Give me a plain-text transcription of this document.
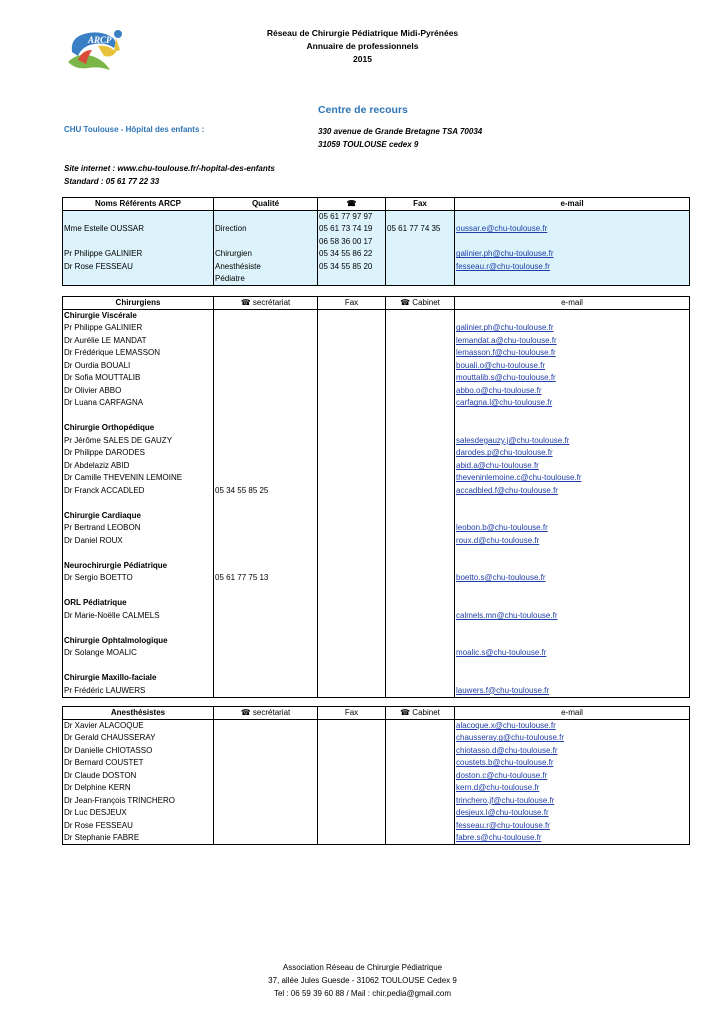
Réseau de Chirurgie Pédiatrique Midi-Pyrénées
Annuaire de professionnels
2015
ARCP
Centre de recours
CHU Toulouse - Hôpital des enfants :	330 avenue de Grande Bretagne TSA 70034
31059 TOULOUSE cedex 9
Site internet : www.chu-toulouse.fr/-hopital-des-enfants
Standard : 05 61 77 22 33
Noms Référents ARCP	Qualité	☎	Fax	e-mail
		05 61 77 97 97		
Mme Estelle OUSSAR	Direction	05 61 73 74 19	05 61 77 74 35	oussar.e@chu-toulouse.fr
		06 58 36 00 17		
Pr Philippe GALINIER	Chirurgien	05 34 55 86 22		galinier.ph@chu-toulouse.fr
Dr Rose FESSEAU	Anesthésiste	05 34 55 85 20		fesseau.r@chu-toulouse.fr
	Pédiatre			
Chirurgiens	☎ secrétariat	Fax	☎ Cabinet	e-mail
Chirurgie Viscérale				
Pr Philippe GALINIER				galinier.ph@chu-toulouse.fr
Dr Aurélie LE MANDAT				lemandat.a@chu-toulouse.fr
Dr Frédérique LEMASSON				lemasson.f@chu-toulouse.fr
Dr Ourdia BOUALI				bouali.o@chu-toulouse.fr
Dr Sofia MOUTTALIB				mouttalib.s@chu-toulouse.fr
Dr Olivier ABBO				abbo.o@chu-toulouse.fr
Dr Luana CARFAGNA				carfagna.l@chu-toulouse.fr

Chirurgie Orthopédique				
Pr Jérôme SALES DE GAUZY				salesdegauzy.j@chu-toulouse.fr
Dr Philippe DARODES				darodes.p@chu-toulouse.fr
Dr Abdelaziz ABID				abid.a@chu-toulouse.fr
Dr Camille THEVENIN LEMOINE				theveninlemoine.c@chu-toulouse.fr
Dr Franck ACCADLED	05 34 55 85 25			accadbled.f@chu-toulouse.fr

Chirurgie Cardiaque				
Pr Bertrand LEOBON				leobon.b@chu-toulouse.fr
Dr Daniel ROUX				roux.d@chu-toulouse.fr

Neurochirurgie Pédiatrique				
Dr Sergio BOETTO	05 61 77 75 13			boetto.s@chu-toulouse.fr

ORL Pédiatrique				
Dr Marie-Noëlle CALMELS				calmels.mn@chu-toulouse.fr

Chirurgie Ophtalmologique				
Dr Solange MOALIC				moalic.s@chu-toulouse.fr

Chirurgie Maxillo-faciale				
Pr Frédéric LAUWERS				lauwers.f@chu-toulouse.fr
Anesthésistes	☎ secrétariat	Fax	☎ Cabinet	e-mail
Dr Xavier ALACOQUE				alacoque.x@chu-toulouse.fr
Dr Gerald CHAUSSERAY				chausseray.g@chu-toulouse.fr
Dr Danielle CHIOTASSO				chiotasso.d@chu-toulouse.fr
Dr Bernard COUSTET				coustets.b@chu-toulouse.fr
Dr Claude DOSTON				doston.c@chu-toulouse.fr
Dr Delphine KERN				kern.d@chu-toulouse.fr
Dr Jean-François TRINCHERO				trinchero.jf@chu-toulouse.fr
Dr Luc DESJEUX				desjeux.l@chu-toulouse.fr
Dr Rose FESSEAU				fesseau.r@chu-toulouse.fr
Dr Stephanie FABRE				fabre.s@chu-toulouse.fr
Association Réseau de Chirurgie Pédiatrique
37, allée Jules Guesde - 31062 TOULOUSE Cedex 9
Tel : 06 59 39 60 88 / Mail : chir.pedia@gmail.com
